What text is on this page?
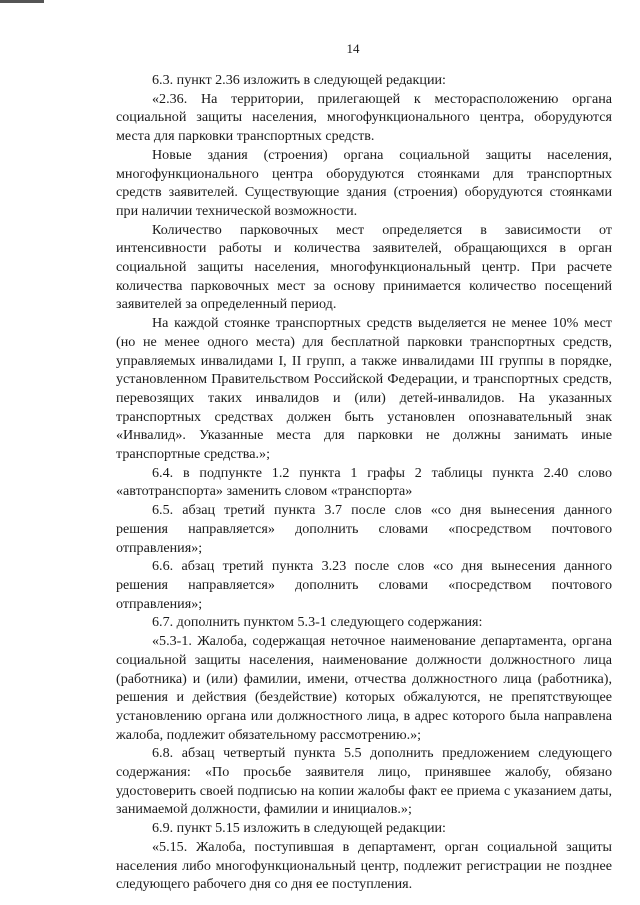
14

6.3. пункт 2.36 изложить в следующей редакции:

«2.36. На территории, прилегающей к месторасположению органа социальной защиты населения, многофункционального центра, оборудуются места для парковки транспортных средств.

Новые здания (строения) органа социальной защиты населения, многофункционального центра оборудуются стоянками для транспортных средств заявителей. Существующие здания (строения) оборудуются стоянками при наличии технической возможности.

Количество парковочных мест определяется в зависимости от интенсивности работы и количества заявителей, обращающихся в орган социальной защиты населения, многофункциональный центр. При расчете количества парковочных мест за основу принимается количество посещений заявителей за определенный период.

На каждой стоянке транспортных средств выделяется не менее 10% мест (но не менее одного места) для бесплатной парковки транспортных средств, управляемых инвалидами I, II групп, а также инвалидами III группы в порядке, установленном Правительством Российской Федерации, и транспортных средств, перевозящих таких инвалидов и (или) детей-инвалидов. На указанных транспортных средствах должен быть установлен опознавательный знак «Инвалид». Указанные места для парковки не должны занимать иные транспортные средства.»;

6.4. в подпункте 1.2 пункта 1 графы 2 таблицы пункта 2.40 слово «автотранспорта» заменить словом «транспорта»

6.5. абзац третий пункта 3.7 после слов «со дня вынесения данного решения направляется» дополнить словами «посредством почтового отправления»;

6.6. абзац третий пункта 3.23 после слов «со дня вынесения данного решения направляется» дополнить словами «посредством почтового отправления»;

6.7. дополнить пунктом 5.3-1 следующего содержания:

«5.3-1. Жалоба, содержащая неточное наименование департамента, органа социальной защиты населения, наименование должности должностного лица (работника) и (или) фамилии, имени, отчества должностного лица (работника), решения и действия (бездействие) которых обжалуются, не препятствующее установлению органа или должностного лица, в адрес которого была направлена жалоба, подлежит обязательному рассмотрению.»;

6.8. абзац четвертый пункта 5.5 дополнить предложением следующего содержания: «По просьбе заявителя лицо, принявшее жалобу, обязано удостоверить своей подписью на копии жалобы факт ее приема с указанием даты, занимаемой должности, фамилии и инициалов.»;

6.9. пункт 5.15 изложить в следующей редакции:

«5.15. Жалоба, поступившая в департамент, орган социальной защиты населения либо многофункциональный центр, подлежит регистрации не позднее следующего рабочего дня со дня ее поступления.
